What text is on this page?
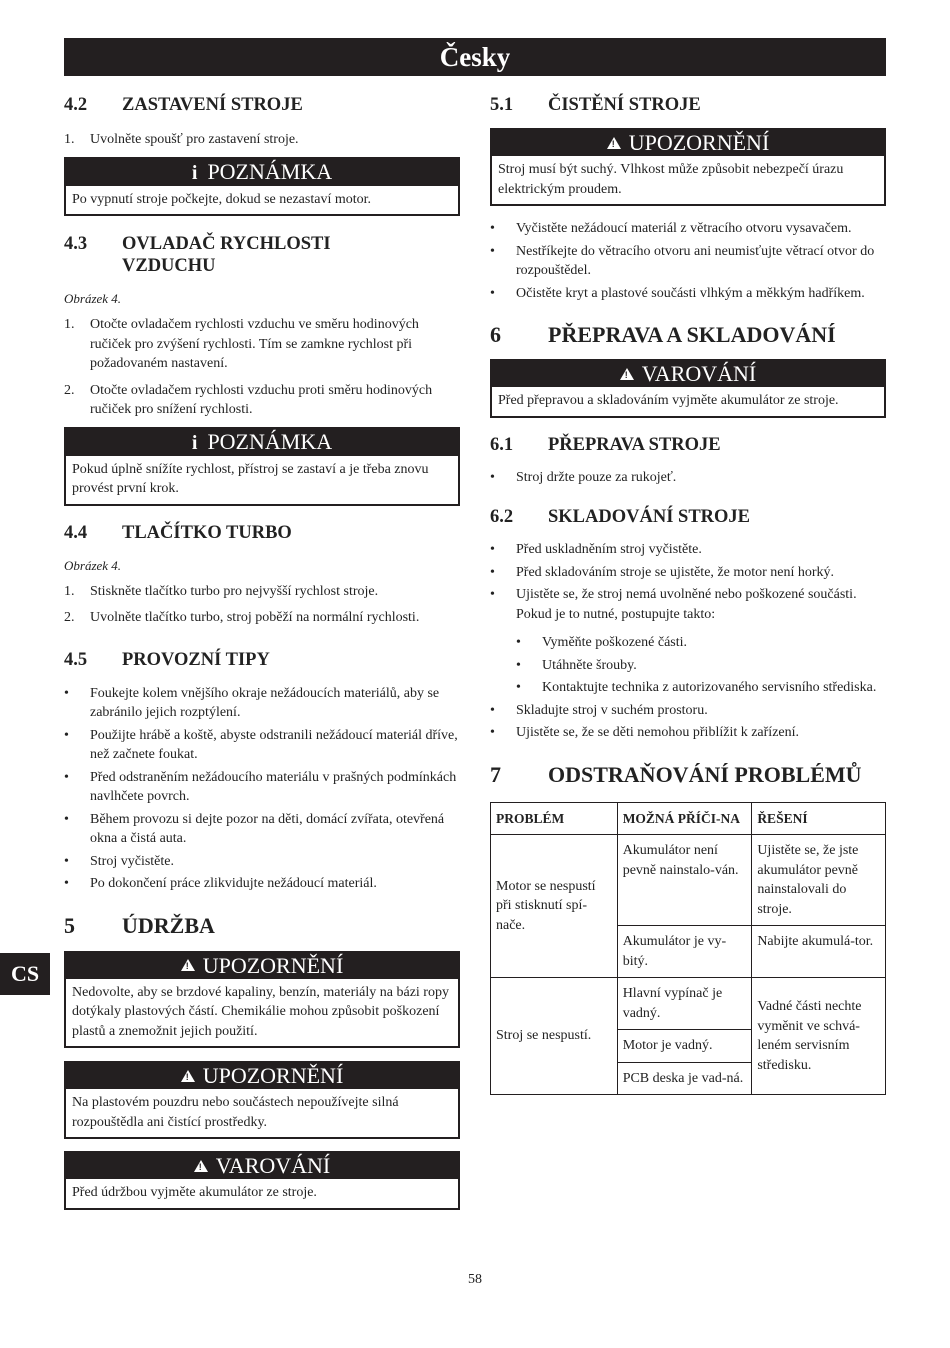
Česky
CS
4.2	ZASTAVENÍ STROJE
1.	Uvolněte spoušť pro zastavení stroje.
i POZNÁMKA
Po vypnutí stroje počkejte, dokud se nezastaví motor.
4.3	OVLADAČ RYCHLOSTI VZDUCHU
Obrázek 4.
1.	Otočte ovladačem rychlosti vzduchu ve směru hodinových ručiček pro zvýšení rychlosti. Tím se zamkne rychlost při požadovaném nastavení.
2.	Otočte ovladačem rychlosti vzduchu proti směru hodinových ručiček pro snížení rychlosti.
i POZNÁMKA
Pokud úplně snížíte rychlost, přístroj se zastaví a je třeba znovu provést první krok.
4.4	TLAČÍTKO TURBO
Obrázek 4.
1.	Stiskněte tlačítko turbo pro nejvyšší rychlost stroje.
2.	Uvolněte tlačítko turbo, stroj poběží na normální rychlosti.
4.5	PROVOZNÍ TIPY
•	Foukejte kolem vnějšího okraje nežádoucích materiálů, aby se zabránilo jejich rozptýlení.
•	Použijte hrábě a koště, abyste odstranili nežádoucí materiál dříve, než začnete foukat.
•	Před odstraněním nežádoucího materiálu v prašných podmínkách navlhčete povrch.
•	Během provozu si dejte pozor na děti, domácí zvířata, otevřená okna a čistá auta.
•	Stroj vyčistěte.
•	Po dokončení práce zlikvidujte nežádoucí materiál.
5	ÚDRŽBA
!UPOZORNĚNÍ
Nedovolte, aby se brzdové kapaliny, benzín, materiály na bázi ropy dotýkaly plastových částí. Chemikálie mohou způsobit poškození plastů a znemožnit jejich použití.
!UPOZORNĚNÍ
Na plastovém pouzdru nebo součástech nepoužívejte silná rozpouštědla ani čistící prostředky.
!VAROVÁNÍ
Před údržbou vyjměte akumulátor ze stroje.
5.1	ČISTĚNÍ STROJE
!UPOZORNĚNÍ
Stroj musí být suchý. Vlhkost může způsobit nebezpečí úrazu elektrickým proudem.
•	Vyčistěte nežádoucí materiál z větracího otvoru vysavačem.
•	Nestříkejte do větracího otvoru ani neumisťujte větrací otvor do rozpouštědel.
•	Očistěte kryt a plastové součásti vlhkým a měkkým hadříkem.
6	PŘEPRAVA A SKLADOVÁNÍ
!VAROVÁNÍ
Před přepravou a skladováním vyjměte akumulátor ze stroje.
6.1	PŘEPRAVA STROJE
•	Stroj držte pouze za rukojeť.
6.2	SKLADOVÁNÍ STROJE
•	Před uskladněním stroj vyčistěte.
•	Před skladováním stroje se ujistěte, že motor není horký.
•	Ujistěte se, že stroj nemá uvolněné nebo poškozené součásti. Pokud je to nutné, postupujte takto:
•	Vyměňte poškozené části.
•	Utáhněte šrouby.
•	Kontaktujte technika z autorizovaného servisního střediska.
•	Skladujte stroj v suchém prostoru.
•	Ujistěte se, že se děti nemohou přiblížit k zařízení.
7	ODSTRAŇOVÁNÍ PROBLÉMŮ
PROBLÉM	MOŽNÁ PŘÍČI-NA	ŘEŠENÍ
Motor se nespustí při stisknutí spí-nače.	Akumulátor není pevně nainstalo-ván.	Ujistěte se, že jste akumulátor pevně nainstalovali do stroje.
	Akumulátor je vy-bitý.	Nabijte akumulá-tor.
Stroj se nespustí.	Hlavní vypínač je vadný.	Vadné části nechte vyměnit ve schvá-leném servisním středisku.
	Motor je vadný.	
	PCB deska je vad-ná.	
58
